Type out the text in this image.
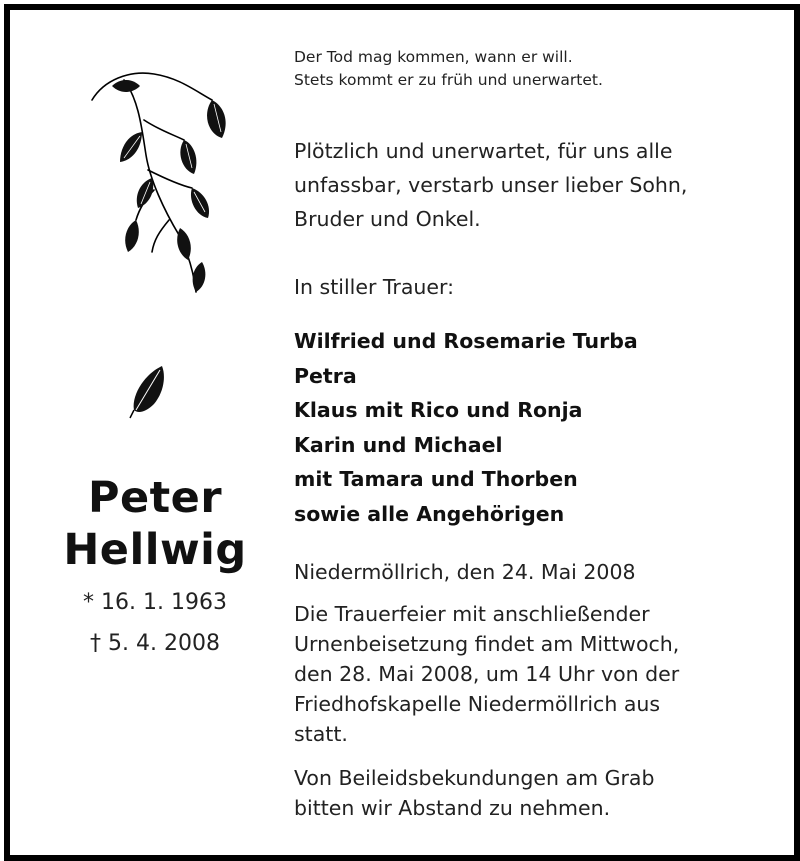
Peter
Hellwig
* 16. 1. 1963
† 5. 4. 2008
Der Tod mag kommen, wann er will.
Stets kommt er zu früh und unerwartet.
Plötzlich und unerwartet, für uns alle
unfassbar, verstarb unser lieber Sohn,
Bruder und Onkel.
In stiller Trauer:
Wilfried und Rosemarie Turba
Petra
Klaus mit Rico und Ronja
Karin und Michael
mit Tamara und Thorben
sowie alle Angehörigen
Niedermöllrich, den 24. Mai 2008
Die Trauerfeier mit anschließender
Urnenbeisetzung findet am Mittwoch,
den 28. Mai 2008, um 14 Uhr von der
Friedhofskapelle Niedermöllrich aus
statt.
Von Beileidsbekundungen am Grab
bitten wir Abstand zu nehmen.
